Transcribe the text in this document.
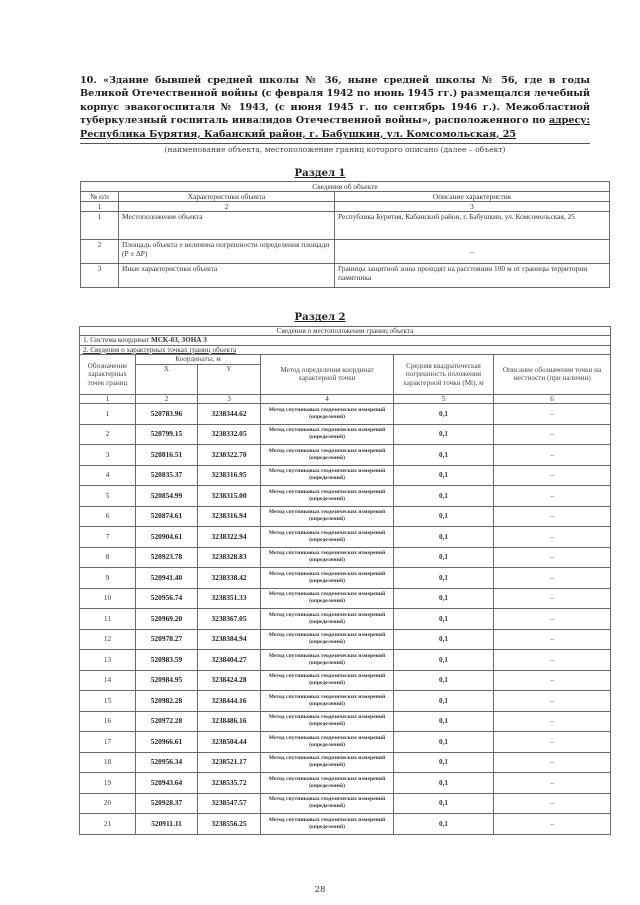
10. «Здание бывшей средней школы № 36, ныне средней школы № 56, где в годы Великой Отечественной войны (с февраля 1942 по июнь 1945 гг.) размещался лечебный корпус эвакогоспиталя № 1943, (с июня 1945 г. по сентябрь 1946 г.). Межобластной туберкулезный госпиталь инвалидов Отечественной войны», расположенного по адресу: Республика Бурятия, Кабанский район, г. Бабушкин, ул. Комсомольская, 25
(наименование объекта, местоположение границ которого описано (далее – объект)
Раздел 1
Сведения об объекте		
№ п/п	Характеристики объекта	Описание характеристик
1	2	3
1	Местоположение объекта	Республика Бурятия, Кабанский район, г. Бабушкин, ул. Комсомольская, 25
2	Площадь объекта ± величина погрешности определения площади (P ± ΔP)	–
3	Иные характеристики объекта	Границы защитной зоны проходят на расстоянии 100 м от границы территории памятника
Раздел 2
Сведения о местоположении границ объекта					
1. Система координат МСК-03, ЗОНА 3					
2. Сведения о характерных точках границ объекта					
Обозначение характерных точек границ	Координаты, м		Метод определения координат характерной точки	Средняя квадратическая погрешность положения характерной точки (Mt), м	Описание обозначения точки на местности (при наличии)
	X	Y			
1	2	3	4	5	6
1	520783.96	3238344.62	Метод спутниковых геодезических измерений (определений)	0,1	–
2	520799.15	3238332.05	Метод спутниковых геодезических измерений (определений)	0,1	–
3	520816.51	3238322.70	Метод спутниковых геодезических измерений (определений)	0,1	–
4	520835.37	3238316.95	Метод спутниковых геодезических измерений (определений)	0,1	–
5	520854.99	3238315.00	Метод спутниковых геодезических измерений (определений)	0,1	–
6	520874.61	3238316.94	Метод спутниковых геодезических измерений (определений)	0,1	–
7	520904.61	3238322.94	Метод спутниковых геодезических измерений (определений)	0,1	–
8	520923.78	3238328.83	Метод спутниковых геодезических измерений (определений)	0,1	–
9	520941.40	3238338.42	Метод спутниковых геодезических измерений (определений)	0,1	–
10	520956.74	3238351.33	Метод спутниковых геодезических измерений (определений)	0,1	–
11	520969.20	3238367.05	Метод спутниковых геодезических измерений (определений)	0,1	–
12	520978.27	3238384.94	Метод спутниковых геодезических измерений (определений)	0,1	–
13	520983.59	3238404.27	Метод спутниковых геодезических измерений (определений)	0,1	–
14	520984.95	3238424.28	Метод спутниковых геодезических измерений (определений)	0,1	–
15	520982.28	3238444.16	Метод спутниковых геодезических измерений (определений)	0,1	–
16	520972.28	3238486.16	Метод спутниковых геодезических измерений (определений)	0,1	–
17	520966.61	3238504.44	Метод спутниковых геодезических измерений (определений)	0,1	–
18	520956.34	3238521.17	Метод спутниковых геодезических измерений (определений)	0,1	–
19	520943.64	3238535.72	Метод спутниковых геодезических измерений (определений)	0,1	–
20	520928.37	3238547.57	Метод спутниковых геодезических измерений (определений)	0,1	–
21	520911.11	3238556.25	Метод спутниковых геодезических измерений (определений)	0,1	–
28
